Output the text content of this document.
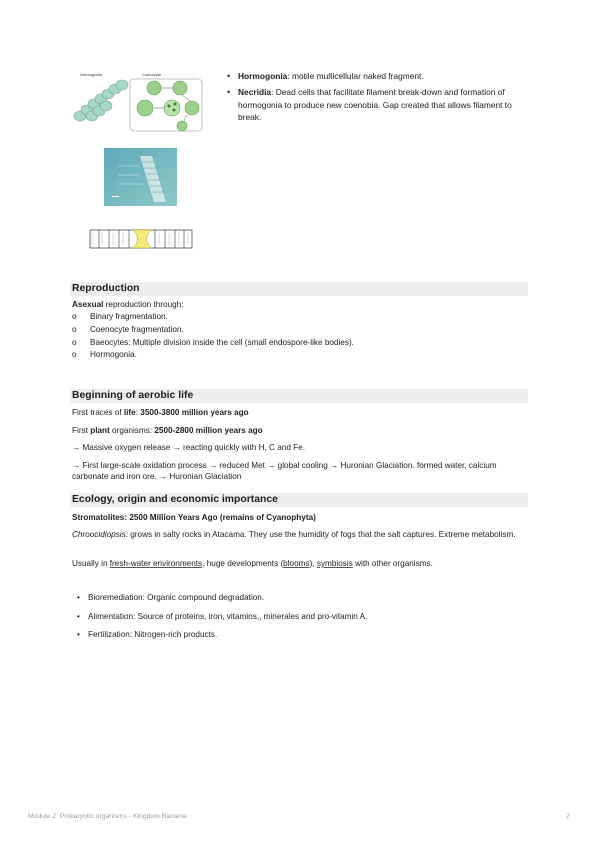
Hormogonia	Coenocyte
•	Hormogonia: motile multicellular naked fragment.
• Necridia: Dead cells that facilitate filament break-down and formation of hormogonia to produce new coenobia. Gap created that allows filament to break.
Reproduction
Asexual reproduction through:
o Binary fragmentation.
o Coenocyte fragmentation.
o Baeocytes: Multiple division inside the cell (small endospore-like bodies).
o Hormogonia.
Beginning of aerobic life
First traces of life: 3500-3800 million years ago
First plant organisms: 2500-2800 million years ago
→ Massive oxygen release → reacting quickly with H, C and Fe.
→ First large-scale oxidation process → reduced Met → global cooling → Huronian Glaciation. formed water, calcium carbonate and iron ore. → Huronian Glaciation
Ecology, origin and economic importance
Stromatolites: 2500 Million Years Ago (remains of Cyanophyta)
Chroocidiopsis: grows in salty rocks in Atacama. They use the humidity of fogs that the salt captures. Extreme metabolism.
Usually in fresh-water environments, huge developments (blooms), symbiosis with other organisms.
• Bioremediation: Organic compound degradation.
• Alimentation: Source of proteins, iron, vitamins,, minerales and pro-vitamin A.
• Fertilization: Nitrogen-rich products.
Module 2: Prokaryotic organisms - Kingdom Bacteria	2
